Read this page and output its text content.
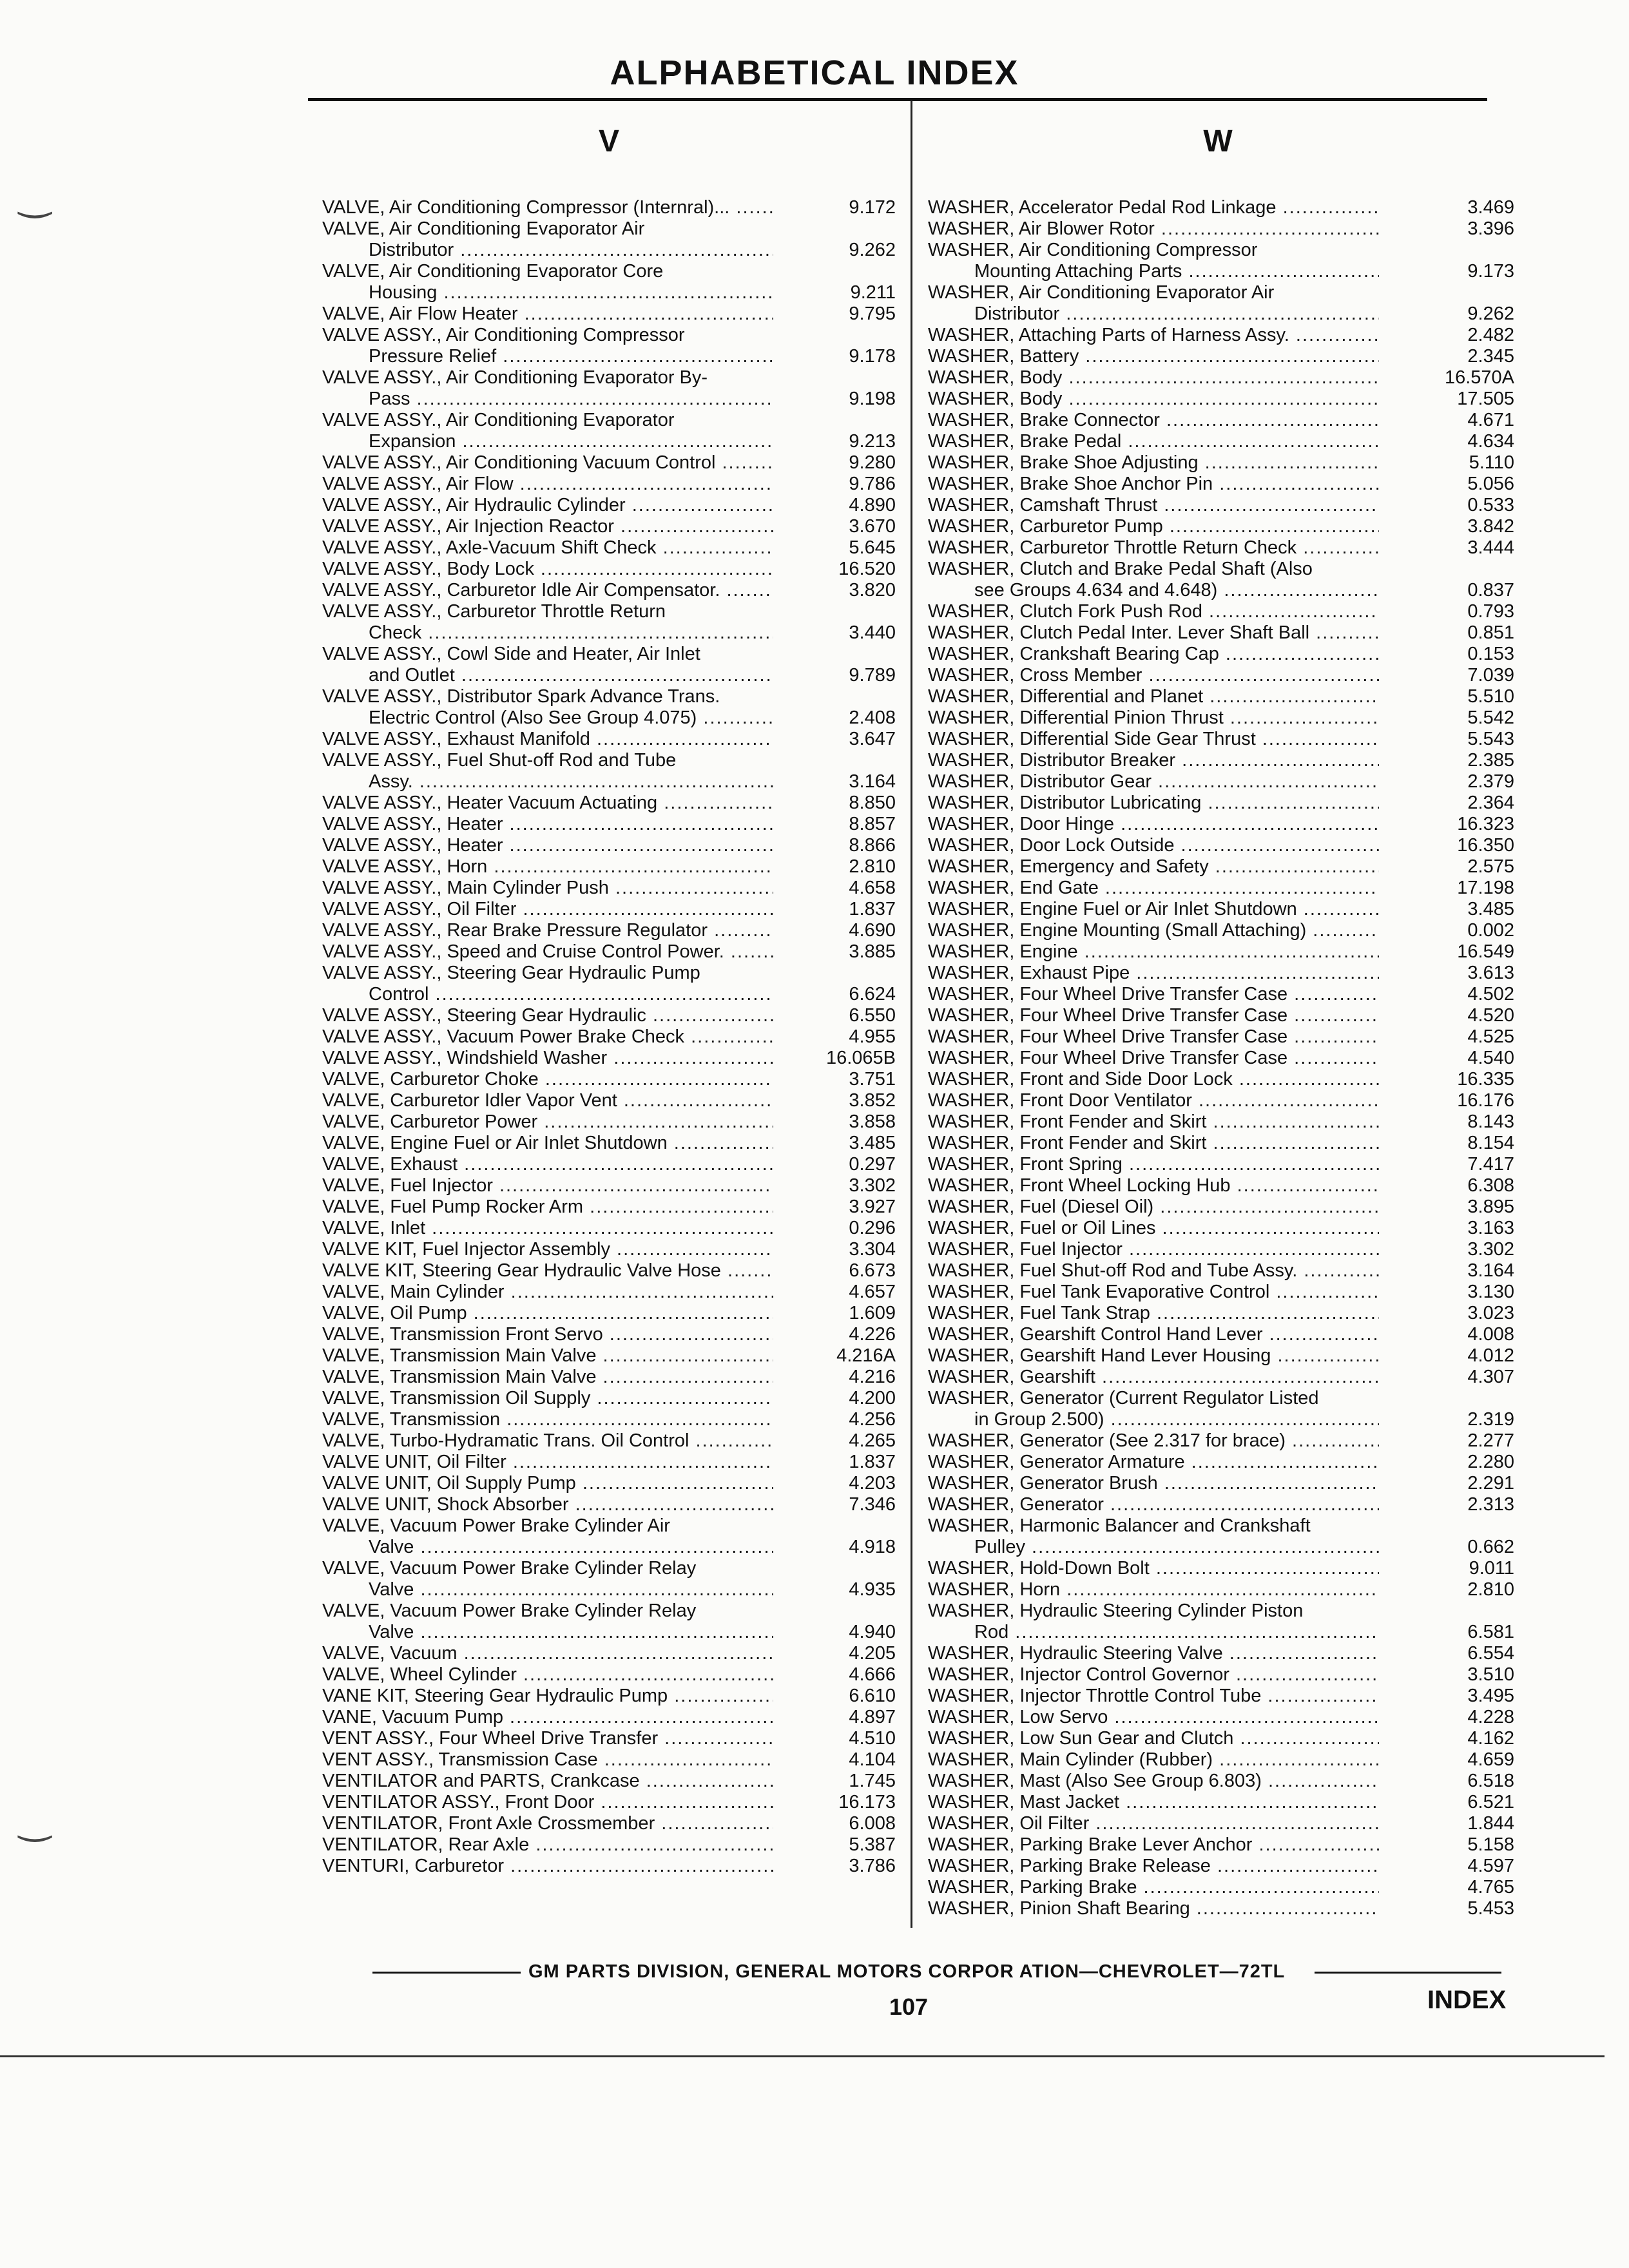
ALPHABETICAL INDEX
‿
‿
V	W
VALVE, Air Conditioning Compressor (Internral)... .....	9.172
VALVE, Air Conditioning Evaporator Air
Distributor .....	9.262
VALVE, Air Conditioning Evaporator Core
Housing .....	9.211
VALVE, Air Flow Heater .....	9.795
VALVE ASSY., Air Conditioning Compressor
Pressure Relief .....	9.178
VALVE ASSY., Air Conditioning Evaporator By-
Pass .....	9.198
VALVE ASSY., Air Conditioning Evaporator
Expansion .....	9.213
VALVE ASSY., Air Conditioning Vacuum Control .....	9.280
VALVE ASSY., Air Flow .....	9.786
VALVE ASSY., Air Hydraulic Cylinder .....	4.890
VALVE ASSY., Air Injection Reactor .....	3.670
VALVE ASSY., Axle-Vacuum Shift Check .....	5.645
VALVE ASSY., Body Lock .....	16.520
VALVE ASSY., Carburetor Idle Air Compensator. .....	3.820
VALVE ASSY., Carburetor Throttle Return
Check .....	3.440
VALVE ASSY., Cowl Side and Heater, Air Inlet
and Outlet .....	9.789
VALVE ASSY., Distributor Spark Advance Trans.
Electric Control (Also See Group 4.075) .....	2.408
VALVE ASSY., Exhaust Manifold .....	3.647
VALVE ASSY., Fuel Shut-off Rod and Tube
Assy. .....	3.164
VALVE ASSY., Heater Vacuum Actuating .....	8.850
VALVE ASSY., Heater .....	8.857
VALVE ASSY., Heater .....	8.866
VALVE ASSY., Horn .....	2.810
VALVE ASSY., Main Cylinder Push .....	4.658
VALVE ASSY., Oil Filter .....	1.837
VALVE ASSY., Rear Brake Pressure Regulator .....	4.690
VALVE ASSY., Speed and Cruise Control Power. .....	3.885
VALVE ASSY., Steering Gear Hydraulic Pump
Control .....	6.624
VALVE ASSY., Steering Gear Hydraulic .....	6.550
VALVE ASSY., Vacuum Power Brake Check .....	4.955
VALVE ASSY., Windshield Washer .....	16.065B
VALVE, Carburetor Choke .....	3.751
VALVE, Carburetor Idler Vapor Vent .....	3.852
VALVE, Carburetor Power .....	3.858
VALVE, Engine Fuel or Air Inlet Shutdown .....	3.485
VALVE, Exhaust .....	0.297
VALVE, Fuel Injector .....	3.302
VALVE, Fuel Pump Rocker Arm .....	3.927
VALVE, Inlet .....	0.296
VALVE KIT, Fuel Injector Assembly .....	3.304
VALVE KIT, Steering Gear Hydraulic Valve Hose .....	6.673
VALVE, Main Cylinder .....	4.657
VALVE, Oil Pump .....	1.609
VALVE, Transmission Front Servo .....	4.226
VALVE, Transmission Main Valve .....	4.216A
VALVE, Transmission Main Valve .....	4.216
VALVE, Transmission Oil Supply .....	4.200
VALVE, Transmission .....	4.256
VALVE, Turbo-Hydramatic Trans. Oil Control .....	4.265
VALVE UNIT, Oil Filter .....	1.837
VALVE UNIT, Oil Supply Pump .....	4.203
VALVE UNIT, Shock Absorber .....	7.346
VALVE, Vacuum Power Brake Cylinder Air
Valve .....	4.918
VALVE, Vacuum Power Brake Cylinder Relay
Valve .....	4.935
VALVE, Vacuum Power Brake Cylinder Relay
Valve .....	4.940
VALVE, Vacuum .....	4.205
VALVE, Wheel Cylinder .....	4.666
VANE KIT, Steering Gear Hydraulic Pump .....	6.610
VANE, Vacuum Pump .....	4.897
VENT ASSY., Four Wheel Drive Transfer .....	4.510
VENT ASSY., Transmission Case .....	4.104
VENTILATOR and PARTS, Crankcase .....	1.745
VENTILATOR ASSY., Front Door .....	16.173
VENTILATOR, Front Axle Crossmember .....	6.008
VENTILATOR, Rear Axle .....	5.387
VENTURI, Carburetor .....	3.786
WASHER, Accelerator Pedal Rod Linkage .....	3.469
WASHER, Air Blower Rotor .....	3.396
WASHER, Air Conditioning Compressor
Mounting Attaching Parts .....	9.173
WASHER, Air Conditioning Evaporator Air
Distributor .....	9.262
WASHER, Attaching Parts of Harness Assy. .....	2.482
WASHER, Battery .....	2.345
WASHER, Body .....	16.570A
WASHER, Body .....	17.505
WASHER, Brake Connector .....	4.671
WASHER, Brake Pedal .....	4.634
WASHER, Brake Shoe Adjusting .....	5.110
WASHER, Brake Shoe Anchor Pin .....	5.056
WASHER, Camshaft Thrust .....	0.533
WASHER, Carburetor Pump .....	3.842
WASHER, Carburetor Throttle Return Check .....	3.444
WASHER, Clutch and Brake Pedal Shaft (Also
see Groups 4.634 and 4.648) .....	0.837
WASHER, Clutch Fork Push Rod .....	0.793
WASHER, Clutch Pedal Inter. Lever Shaft Ball .....	0.851
WASHER, Crankshaft Bearing Cap .....	0.153
WASHER, Cross Member .....	7.039
WASHER, Differential and Planet .....	5.510
WASHER, Differential Pinion Thrust .....	5.542
WASHER, Differential Side Gear Thrust .....	5.543
WASHER, Distributor Breaker .....	2.385
WASHER, Distributor Gear .....	2.379
WASHER, Distributor Lubricating .....	2.364
WASHER, Door Hinge .....	16.323
WASHER, Door Lock Outside .....	16.350
WASHER, Emergency and Safety .....	2.575
WASHER, End Gate .....	17.198
WASHER, Engine Fuel or Air Inlet Shutdown .....	3.485
WASHER, Engine Mounting (Small Attaching) .....	0.002
WASHER, Engine .....	16.549
WASHER, Exhaust Pipe .....	3.613
WASHER, Four Wheel Drive Transfer Case .....	4.502
WASHER, Four Wheel Drive Transfer Case .....	4.520
WASHER, Four Wheel Drive Transfer Case .....	4.525
WASHER, Four Wheel Drive Transfer Case .....	4.540
WASHER, Front and Side Door Lock .....	16.335
WASHER, Front Door Ventilator .....	16.176
WASHER, Front Fender and Skirt .....	8.143
WASHER, Front Fender and Skirt .....	8.154
WASHER, Front Spring .....	7.417
WASHER, Front Wheel Locking Hub .....	6.308
WASHER, Fuel (Diesel Oil) .....	3.895
WASHER, Fuel or Oil Lines .....	3.163
WASHER, Fuel Injector .....	3.302
WASHER, Fuel Shut-off Rod and Tube Assy. .....	3.164
WASHER, Fuel Tank Evaporative Control .....	3.130
WASHER, Fuel Tank Strap .....	3.023
WASHER, Gearshift Control Hand Lever .....	4.008
WASHER, Gearshift Hand Lever Housing .....	4.012
WASHER, Gearshift .....	4.307
WASHER, Generator (Current Regulator Listed
in Group 2.500) .....	2.319
WASHER, Generator (See 2.317 for brace) .....	2.277
WASHER, Generator Armature .....	2.280
WASHER, Generator Brush .....	2.291
WASHER, Generator .....	2.313
WASHER, Harmonic Balancer and Crankshaft
Pulley .....	0.662
WASHER, Hold-Down Bolt .....	9.011
WASHER, Horn .....	2.810
WASHER, Hydraulic Steering Cylinder Piston
Rod .....	6.581
WASHER, Hydraulic Steering Valve .....	6.554
WASHER, Injector Control Governor .....	3.510
WASHER, Injector Throttle Control Tube .....	3.495
WASHER, Low Servo .....	4.228
WASHER, Low Sun Gear and Clutch .....	4.162
WASHER, Main Cylinder (Rubber) .....	4.659
WASHER, Mast (Also See Group 6.803) .....	6.518
WASHER, Mast Jacket .....	6.521
WASHER, Oil Filter .....	1.844
WASHER, Parking Brake Lever Anchor .....	5.158
WASHER, Parking Brake Release .....	4.597
WASHER, Parking Brake .....	4.765
WASHER, Pinion Shaft Bearing .....	5.453
GM PARTS DIVISION, GENERAL MOTORS CORPOR ATION—CHEVROLET—72TL
107	INDEX
